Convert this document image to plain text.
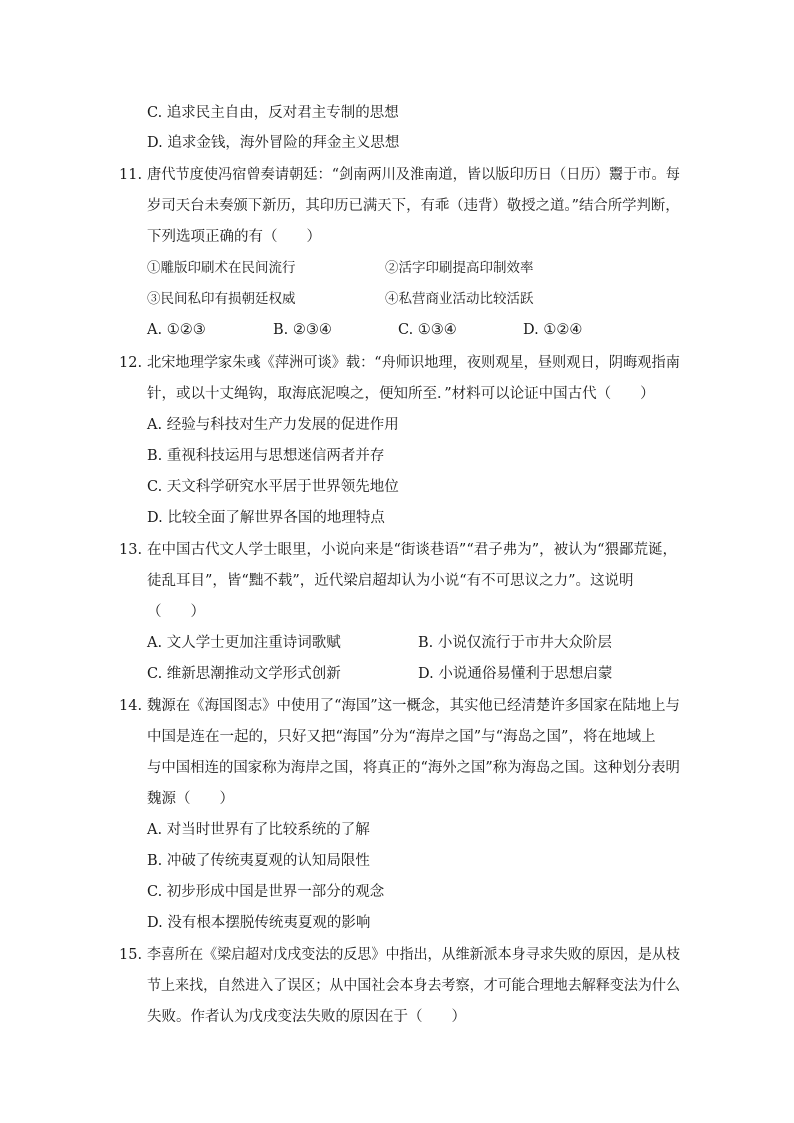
C. 追求民主自由，反对君主专制的思想
D. 追求金钱，海外冒险的拜金主义思想
11. 唐代节度使冯宿曾奏请朝廷：“剑南两川及淮南道，皆以版印历日（日历）鬻于市。每
岁司天台未奏颁下新历，其印历已满天下，有乖（违背）敬授之道。”结合所学判断，
下列选项正确的有（　　）
①雕版印刷术在民间流行	②活字印刷提高印制效率
③民间私印有损朝廷权威	④私营商业活动比较活跃
A. ①②③	B. ②③④	C. ①③④	D. ①②④
12. 北宋地理学家朱彧《萍洲可谈》载：“舟师识地理，夜则观星，昼则观日，阴晦观指南
针，或以十丈绳钩，取海底泥嗅之，便知所至．”材料可以论证中国古代（　　）
A. 经验与科技对生产力发展的促进作用
B. 重视科技运用与思想迷信两者并存
C. 天文科学研究水平居于世界领先地位
D. 比较全面了解世界各国的地理特点
13. 在中国古代文人学士眼里，小说向来是“街谈巷语”“君子弗为”，被认为“猥鄙荒诞，
徒乱耳目”，皆“黜不载”，近代梁启超却认为小说“有不可思议之力”。这说明
（　　）
A. 文人学士更加注重诗词歌赋	B. 小说仅流行于市井大众阶层
C. 维新思潮推动文学形式创新	D. 小说通俗易懂利于思想启蒙
14. 魏源在《海国图志》中使用了“海国”这一概念，其实他已经清楚许多国家在陆地上与
中国是连在一起的，只好又把“海国”分为“海岸之国”与“海岛之国”，将在地域上
与中国相连的国家称为海岸之国，将真正的“海外之国”称为海岛之国。这种划分表明
魏源（　　）
A. 对当时世界有了比较系统的了解
B. 冲破了传统夷夏观的认知局限性
C. 初步形成中国是世界一部分的观念
D. 没有根本摆脱传统夷夏观的影响
15. 李喜所在《梁启超对戊戌变法的反思》中指出，从维新派本身寻求失败的原因，是从枝
节上来找，自然进入了误区；从中国社会本身去考察，才可能合理地去解释变法为什么
失败。作者认为戊戌变法失败的原因在于（　　）
